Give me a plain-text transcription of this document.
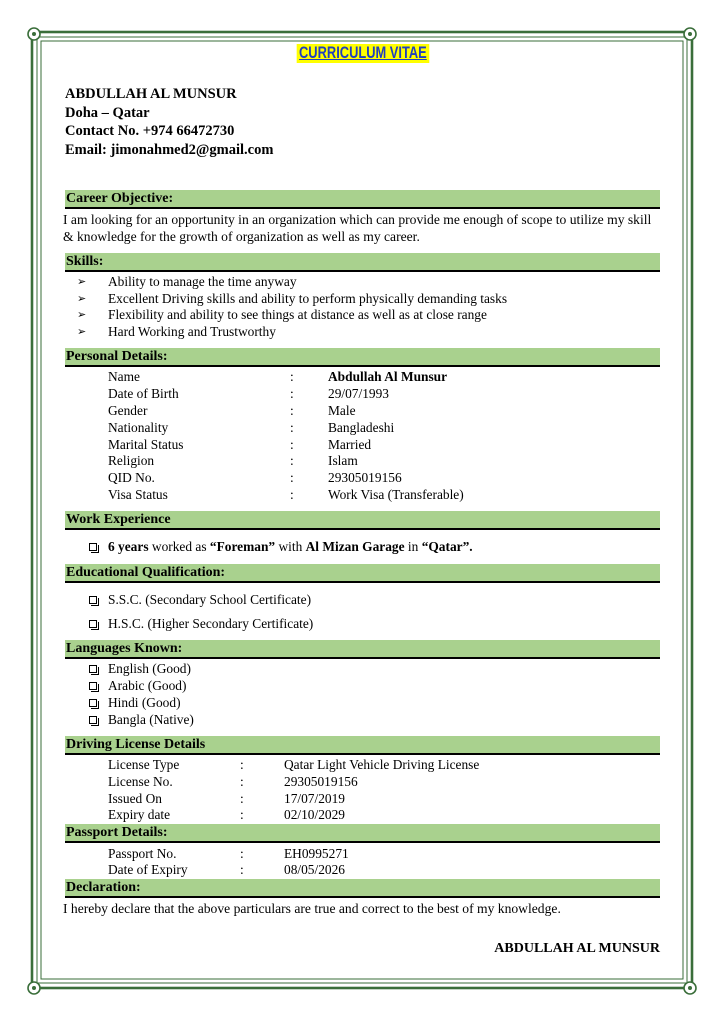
CURRICULUM VITAE
ABDULLAH AL MUNSUR
Doha – Qatar
Contact No. +974 66472730
Email: jimonahmed2@gmail.com
Career Objective:
I am looking for an opportunity in an organization which can provide me enough of scope to utilize my skill & knowledge for the growth of organization as well as my career.
Skills:
➢ Ability to manage the time anyway
➢ Excellent Driving skills and ability to perform physically demanding tasks
➢ Flexibility and ability to see things at distance as well as at close range
➢ Hard Working and Trustworthy
Personal Details:
Name	:	Abdullah Al Munsur
Date of Birth	:	29/07/1993
Gender	:	Male
Nationality	:	Bangladeshi
Marital Status	:	Married
Religion	:	Islam
QID No.	:	29305019156
Visa Status	:	Work Visa (Transferable)
Work Experience
6 years worked as “Foreman” with Al Mizan Garage in “Qatar”.
Educational Qualification:
S.S.C. (Secondary School Certificate)
H.S.C. (Higher Secondary Certificate)
Languages Known:
English (Good)
Arabic (Good)
Hindi (Good)
Bangla (Native)
Driving License Details
License Type	:	Qatar Light Vehicle Driving License
License No.	:	29305019156
Issued On	:	17/07/2019
Expiry date	:	02/10/2029
Passport Details:
Passport No.	:	EH0995271
Date of Expiry	:	08/05/2026
Declaration:
I hereby declare that the above particulars are true and correct to the best of my knowledge.
ABDULLAH AL MUNSUR
